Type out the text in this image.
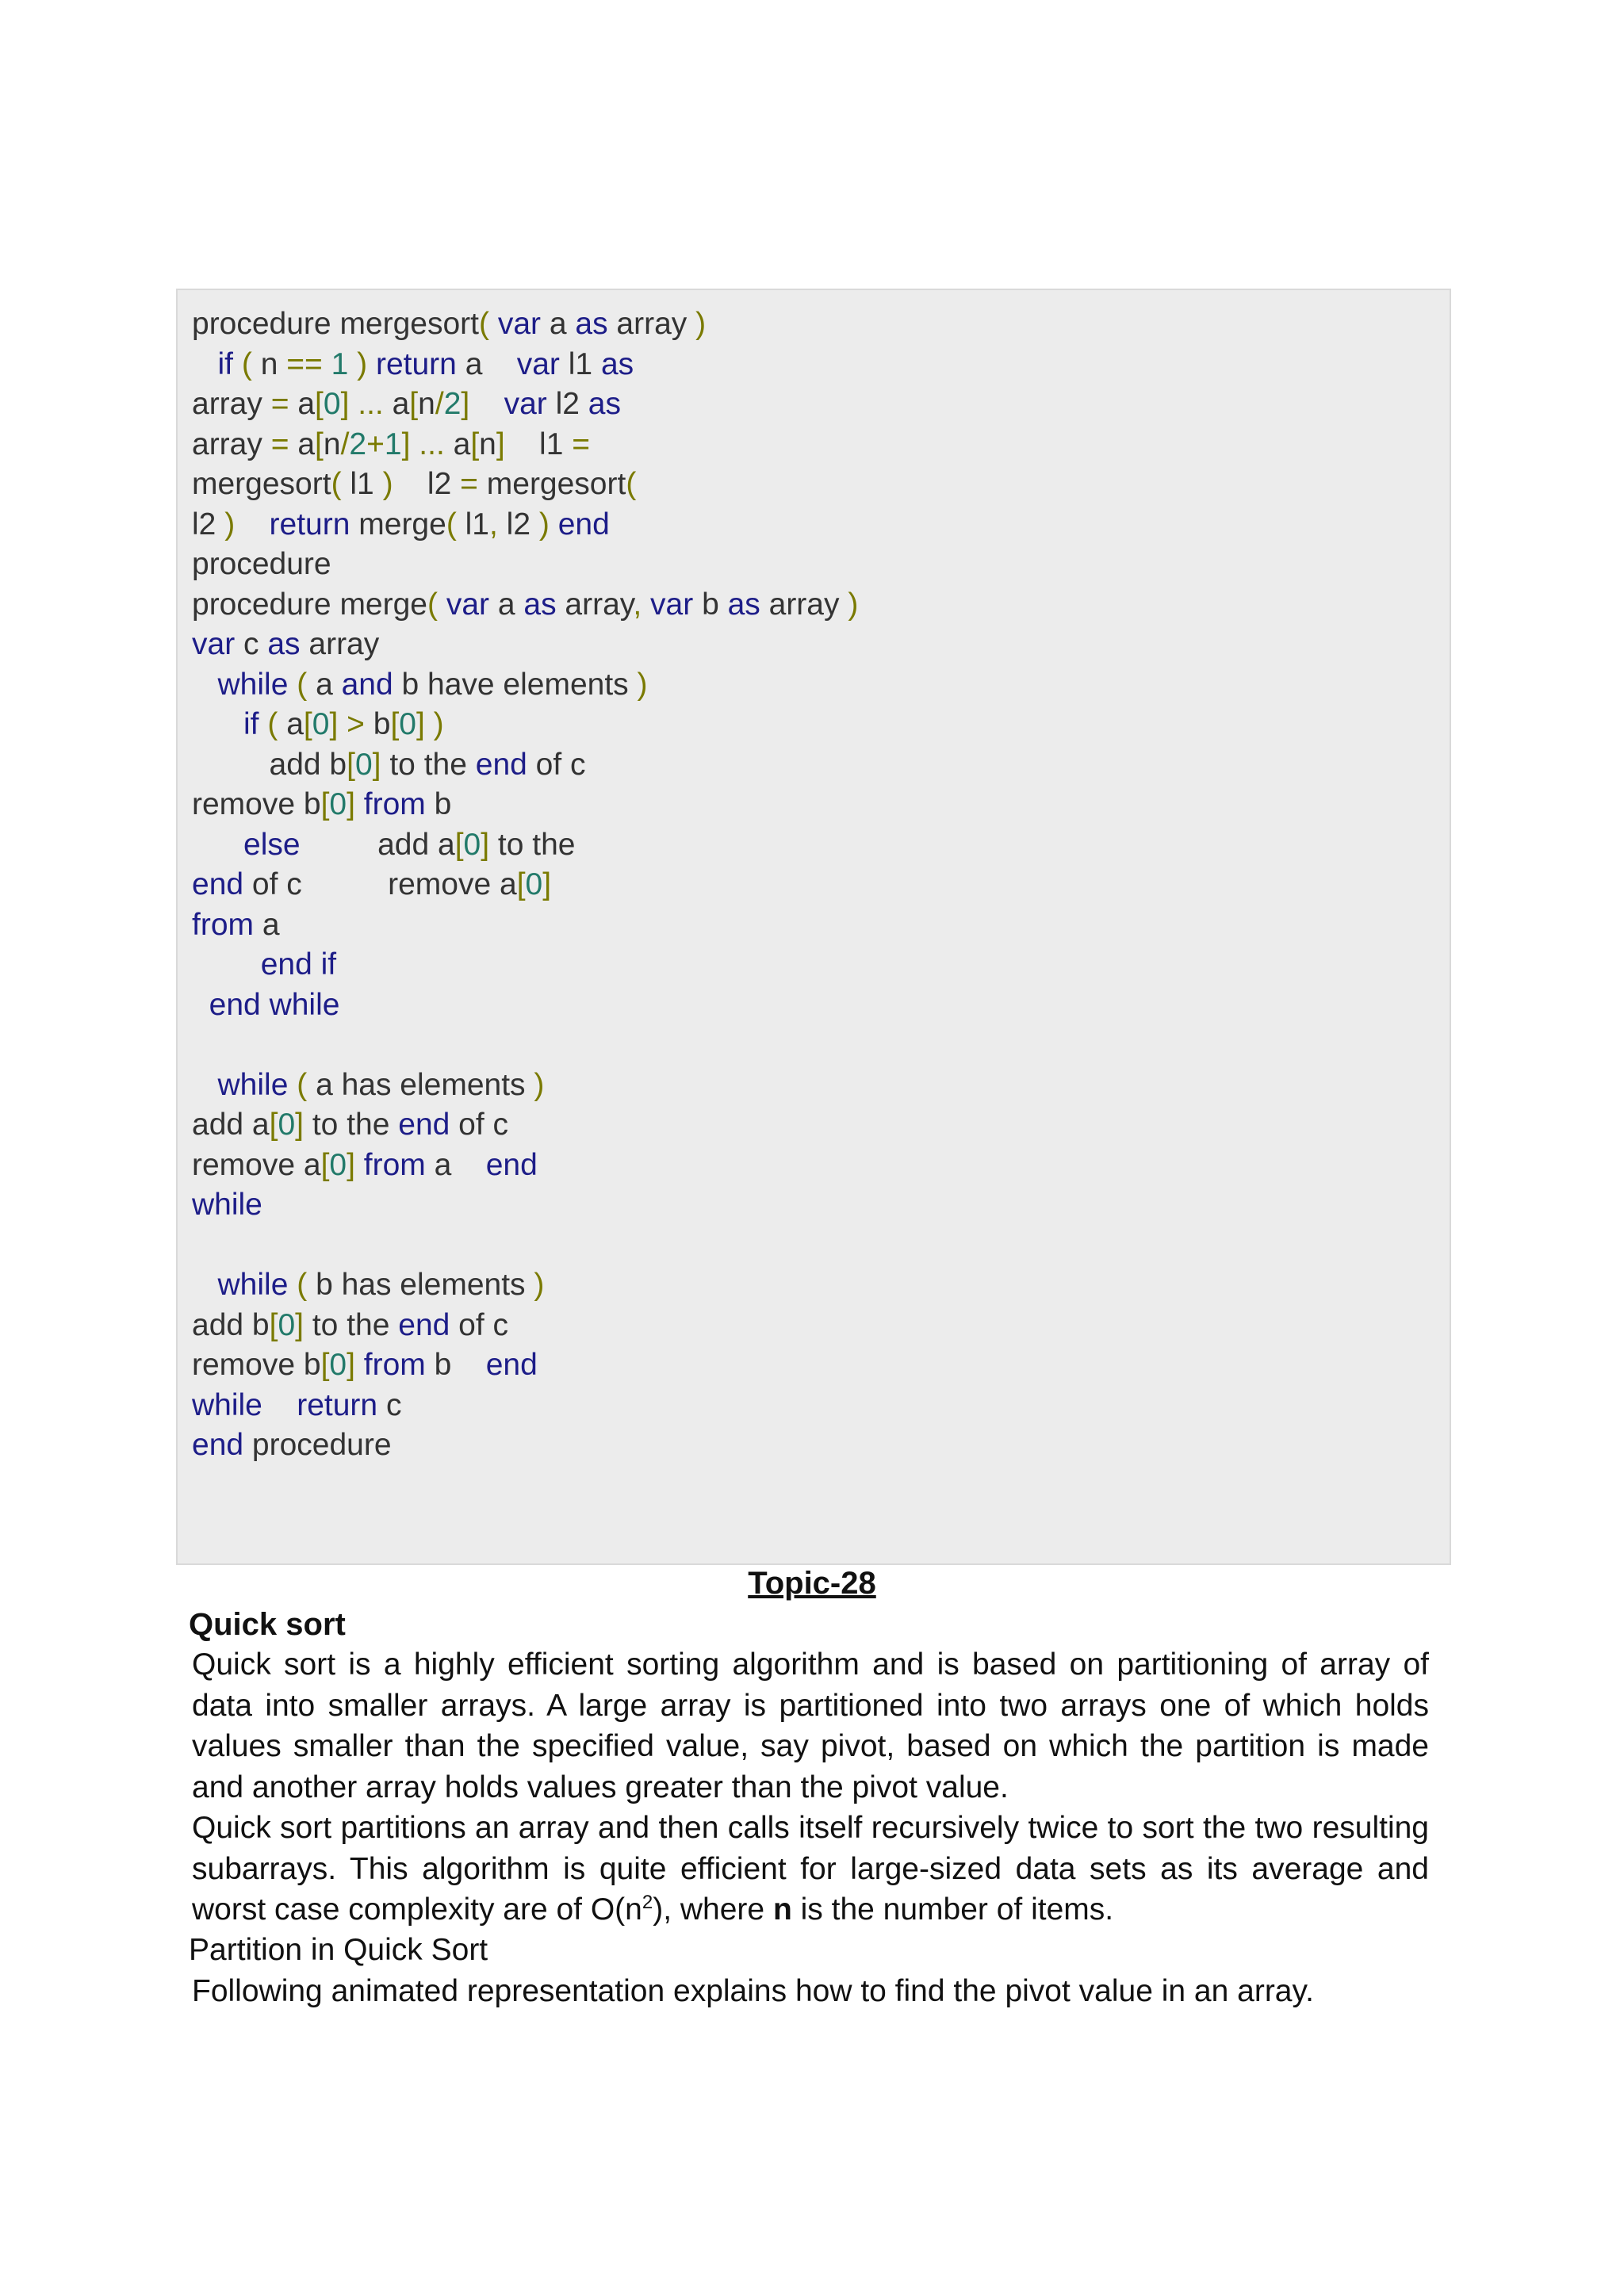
procedure mergesort( var a as array )
if ( n == 1 ) return a    var l1 as
array = a[0] ... a[n/2]    var l2 as
array = a[n/2+1] ... a[n]    l1 =
mergesort( l1 )    l2 = mergesort(
l2 ) return merge( l1, l2 ) end
procedure
procedure merge( var a as array, var b as array )
var c as array
while ( a and b have elements )
if ( a[0] > b[0] )
add b[0] to the end of c
remove b[0] from b
else         add a[0] to the
end of c          remove a[0]
from a
end if
end while
while ( a has elements )
add a[0] to the end of c
remove a[0] from a    end
while
while ( b has elements )
add b[0] to the end of c
remove b[0] from b    end
while return c
end procedure
Topic-28
Quick sort
Quick sort is a highly efficient sorting algorithm and is based on partitioning of array of data into smaller arrays. A large array is partitioned into two arrays one of which holds values smaller than the specified value, say pivot, based on which the partition is made and another array holds values greater than the pivot value.
Quick sort partitions an array and then calls itself recursively twice to sort the two resulting subarrays. This algorithm is quite efficient for large-sized data sets as its average and worst case complexity are of $O(n^2)$, where n is the number of items.
Partition in Quick Sort
Following animated representation explains how to find the pivot value in an array.
